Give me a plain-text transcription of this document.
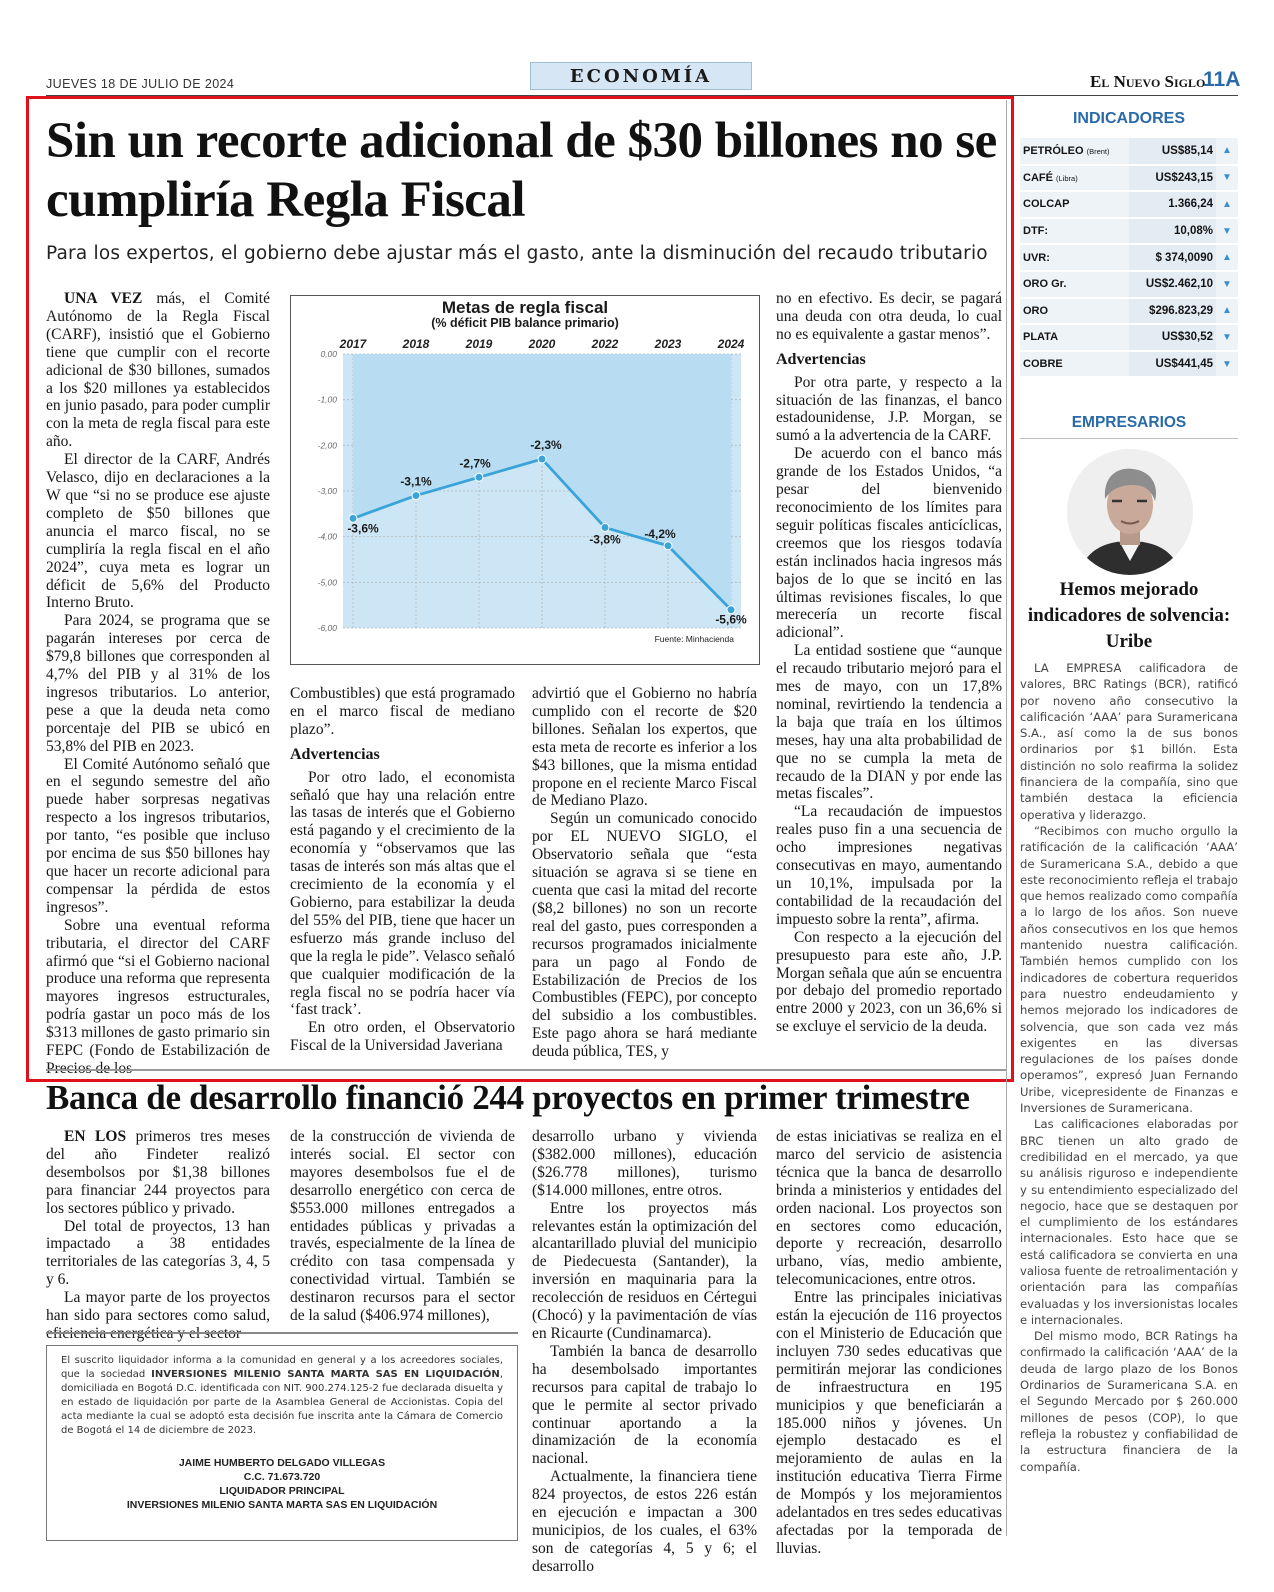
JUEVES 18 DE JULIO DE 2024	ECONOMÍA	El Nuevo Siglo
11A
Sin un recorte adicional de $30 billones no se cumpliría Regla Fiscal
Para los expertos, el gobierno debe ajustar más el gasto, ante la disminución del recaudo tributario

UNA VEZ más, el Comité Autónomo de la Regla Fiscal (CARF), insistió que el Gobierno tiene que cumplir con el recorte adicional de $30 billones, sumados a los $20 millones ya establecidos en junio pasado, para poder cumplir con la meta de regla fiscal para este año.

El director de la CARF, Andrés Velasco, dijo en declaraciones a la W que “si no se produce ese ajuste completo de $50 billones que anuncia el marco fiscal, no se cumpliría la regla fiscal en el año 2024”, cuya meta es lograr un déficit de 5,6% del Producto Interno Bruto.

Para 2024, se programa que se pagarán intereses por cerca de $79,8 billones que corresponden al 4,7% del PIB y al 31% de los ingresos tributarios. Lo anterior, pese a que la deuda neta como porcentaje del PIB se ubicó en 53,8% del PIB en 2023.

El Comité Autónomo señaló que en el segundo semestre del año puede haber sorpresas negativas respecto a los ingresos tributarios, por tanto, “es posible que incluso por encima de sus $50 billones hay que hacer un recorte adicional para compensar la pérdida de estos ingresos”.

Sobre una eventual reforma tributaria, el director del CARF afirmó que “si el Gobierno nacional produce una reforma que representa mayores ingresos estructurales, podría gastar un poco más de los $313 millones de gasto primario sin FEPC (Fondo de Estabilización de

Metas de regla fiscal
(% déficit PIB balance primario)
0,00
-1,00
-2,00
-3,00
-4,00
-5,00
-6,00
2017	2018	2019	2020	2022	2023	2024
-3,6%
-3,1%
-2,7%
-2,3%
-3,8% -4,2%
-5,6%
Fuente: Minhacienda

Combustibles) que está programado en el marco fiscal de mediano plazo”.

Advertencias

Por otro lado, el economista señaló que hay una relación entre las tasas de interés que el Gobierno está pagando y el crecimiento de la economía y “observamos que las tasas de interés son más altas que el crecimiento de la economía y el Gobierno, para estabilizar la deuda del 55% del PIB, tiene que hacer un esfuerzo más grande incluso del que la regla le pide”. Velasco señaló que cualquier modificación de la regla fiscal no se podría hacer vía ‘fast track’.

En otro orden, el Observatorio Fiscal de la Universidad Javeriana

advirtió que el Gobierno no habría cumplido con el recorte de $20 billones. Señalan los expertos, que esta meta de recorte es inferior a los $43 billones, que la misma entidad propone en el reciente Marco Fiscal de Mediano Plazo.

Según un comunicado conocido por EL NUEVO SIGLO, el Observatorio señala que “esta situación se agrava si se tiene en cuenta que casi la mitad del recorte ($8,2 billones) no son un recorte real del gasto, pues corresponden a recursos programados inicialmente para un pago al Fondo de Estabilización de Precios de los Combustibles (FEPC), por concepto del subsidio a los combustibles. Este pago ahora se hará mediante deuda pública, TES, y

no en efectivo. Es decir, se pagará una deuda con otra deuda, lo cual no es equivalente a gastar menos”.

Advertencias

Por otra parte, y respecto a la situación de las finanzas, el banco estadounidense, J.P. Morgan, se sumó a la advertencia de la CARF.

De acuerdo con el banco más grande de los Estados Unidos, “a pesar del bienvenido reconocimiento de los límites para seguir políticas fiscales anticíclicas, creemos que los riesgos todavía están inclinados hacia ingresos más bajos de lo que se incitó en las últimas revisiones fiscales, lo que merecería un recorte fiscal adicional”.

La entidad sostiene que “aunque el recaudo tributario mejoró para el mes de mayo, con un 17,8% nominal, revirtiendo la tendencia a la baja que traía en los últimos meses, hay una alta probabilidad de que no se cumpla la meta de recaudo de la DIAN y por ende las metas fiscales”.

“La recaudación de impuestos reales puso fin a una secuencia de ocho impresiones negativas consecutivas en mayo, aumentando un 10,1%, impulsada por la contabilidad de la recaudación del impuesto sobre la renta”, afirma.

Con respecto a la ejecución del presupuesto para este año, J.P. Morgan señala que aún se encuentra por debajo del promedio reportado entre 2000 y 2023, con un 36,6% si se excluye el servicio de la deuda.

Banca de desarrollo financió 244 proyectos en primer trimestre

EN LOS primeros tres meses del año Findeter realizó desembolsos por $1,38 billones para financiar 244 proyectos para los sectores público y privado.

Del total de proyectos, 13 han impactado a 38 entidades territoriales de las categorías 3, 4, 5 y 6.

La mayor parte de los proyectos han sido para sectores como salud,

de la construcción de vivienda de interés social. El sector con mayores desembolsos fue el de desarrollo energético con cerca de $553.000 millones entregados a entidades públicas y privadas a través, especialmente de la línea de crédito con tasa compensada y conectividad virtual. También se destinaron recursos para el sector de la salud ($406.974 millones),

desarrollo urbano y vivienda ($382.000 millones), educación ($26.778 millones), turismo ($14.000 millones, entre otros.

Entre los proyectos más relevantes están la optimización del alcantarillado pluvial del municipio de Piedecuesta (Santander), la inversión en maquinaria para la recolección de residuos en Cértegui (Chocó) y la pavimentación de vías en Ricaurte (Cundinamarca).

También la banca de desarrollo ha desembolsado importantes recursos para capital de trabajo lo que le permite al sector privado continuar aportando a la dinamización de la economía nacional.

Actualmente, la financiera tiene 824 proyectos, de estos 226 están en ejecución e impactan a 300 municipios, de los cuales, el 63% son de categorías 4, 5 y 6; el desarrollo

de estas iniciativas se realiza en el marco del servicio de asistencia técnica que la banca de desarrollo brinda a ministerios y entidades del orden nacional. Los proyectos son en sectores como educación, deporte y recreación, desarrollo urbano, vías, medio ambiente, telecomunicaciones, entre otros.

Entre las principales iniciativas están la ejecución de 116 proyectos con el Ministerio de Educación que incluyen 730 sedes educativas que permitirán mejorar las condiciones de infraestructura en 195 municipios y que beneficiarán a 185.000 niños y jóvenes. Un ejemplo destacado es el mejoramiento de aulas en la institución educativa Tierra Firme de Mompós y los mejoramientos adelantados en tres sedes educativas afectadas por la temporada de lluvias.

El suscrito liquidador informa a la comunidad en general y a los acreedores sociales, que la sociedad INVERSIONES MILENIO SANTA MARTA SAS EN LIQUIDACIÓN, domiciliada en Bogotá D.C. identificada con NIT. 900.274.125-2 fue declarada disuelta y en estado de liquidación por parte de la Asamblea General de Accionistas. Copia del acta mediante la cual se adoptó esta decisión fue inscrita ante la Cámara de Comercio de Bogotá el 14 de diciembre de 2023.
JAIME HUMBERTO DELGADO VILLEGAS
C.C. 71.673.720
LIQUIDADOR PRINCIPAL
INVERSIONES MILENIO SANTA MARTA SAS EN LIQUIDACIÓN
INDICADORES
PETRÓLEO (Brent)	US$85,14	▲
CAFÉ (Libra)	US$243,15	▼
COLCAP	1.366,24	▲
DTF:	10,08%	▼
UVR:	$ 374,0090	▲
ORO Gr.	US$2.462,10	▼
ORO	$296.823,29	▲
PLATA	US$30,52	▼
COBRE	US$441,45	▼
EMPRESARIOS
Hemos mejorado indicadores de solvencia: Uribe

LA EMPRESA calificadora de valores, BRC Ratings (BCR), ratificó por noveno año consecutivo la calificación ‘AAA’ para Suramericana S.A., así como la de sus bonos ordinarios por $1 billón. Esta distinción no solo reafirma la solidez financiera de la compañía, sino que también destaca la eficiencia operativa y liderazgo.

“Recibimos con mucho orgullo la ratificación de la calificación ‘AAA’ de Suramericana S.A., debido a que este reconocimiento refleja el trabajo que hemos realizado como compañía a lo largo de los años. Son nueve años consecutivos en los que hemos mantenido nuestra calificación. También hemos cumplido con los indicadores de cobertura requeridos para nuestro endeudamiento y hemos mejorado los indicadores de solvencia, que son cada vez más exigentes en las diversas regulaciones de los países donde operamos”, expresó Juan Fernando Uribe, vicepresidente de Finanzas e Inversiones de Suramericana.

Las calificaciones elaboradas por BRC tienen un alto grado de credibilidad en el mercado, ya que su análisis riguroso e independiente y su entendimiento especializado del negocio, hace que se destaquen por el cumplimiento de los estándares internacionales. Esto hace que se está calificadora se convierta en una valiosa fuente de retroalimentación y orientación para las compañías evaluadas y los inversionistas locales e internacionales.

Del mismo modo, BCR Ratings ha confirmado la calificación ‘AAA’ de la deuda de largo plazo de los Bonos Ordinarios de Suramericana S.A. en el Segundo Mercado por $ 260.000 millones de pesos (COP), lo que refleja la robustez y confiabilidad de la estructura financiera de la compañía.
